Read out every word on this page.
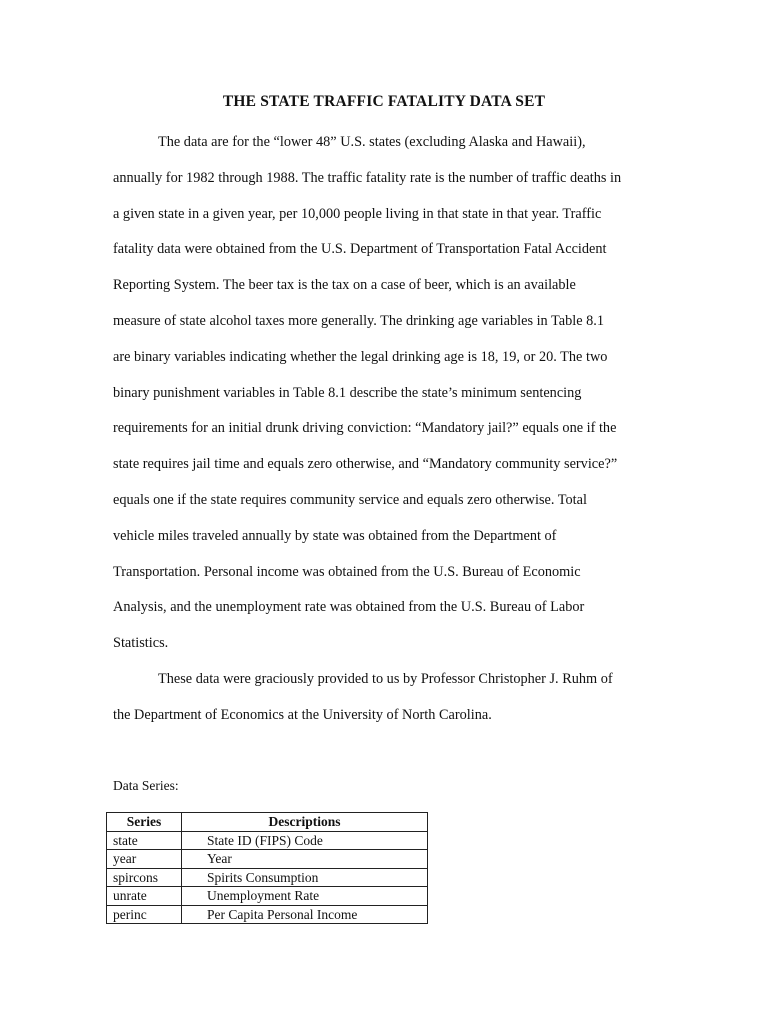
THE STATE TRAFFIC FATALITY DATA SET
The data are for the “lower 48” U.S. states (excluding Alaska and Hawaii),
annually for 1982 through 1988. The traffic fatality rate is the number of traffic deaths in
a given state in a given year, per 10,000 people living in that state in that year. Traffic
fatality data were obtained from the U.S. Department of Transportation Fatal Accident
Reporting System. The beer tax is the tax on a case of beer, which is an available
measure of state alcohol taxes more generally. The drinking age variables in Table 8.1
are binary variables indicating whether the legal drinking age is 18, 19, or 20. The two
binary punishment variables in Table 8.1 describe the state’s minimum sentencing
requirements for an initial drunk driving conviction: “Mandatory jail?” equals one if the
state requires jail time and equals zero otherwise, and “Mandatory community service?”
equals one if the state requires community service and equals zero otherwise. Total
vehicle miles traveled annually by state was obtained from the Department of
Transportation. Personal income was obtained from the U.S. Bureau of Economic
Analysis, and the unemployment rate was obtained from the U.S. Bureau of Labor
Statistics.
These data were graciously provided to us by Professor Christopher J. Ruhm of
the Department of Economics at the University of North Carolina.
Data Series:
Series	Descriptions
state	State ID (FIPS) Code
year	Year
spircons	Spirits Consumption
unrate	Unemployment Rate
perinc	Per Capita Personal Income
